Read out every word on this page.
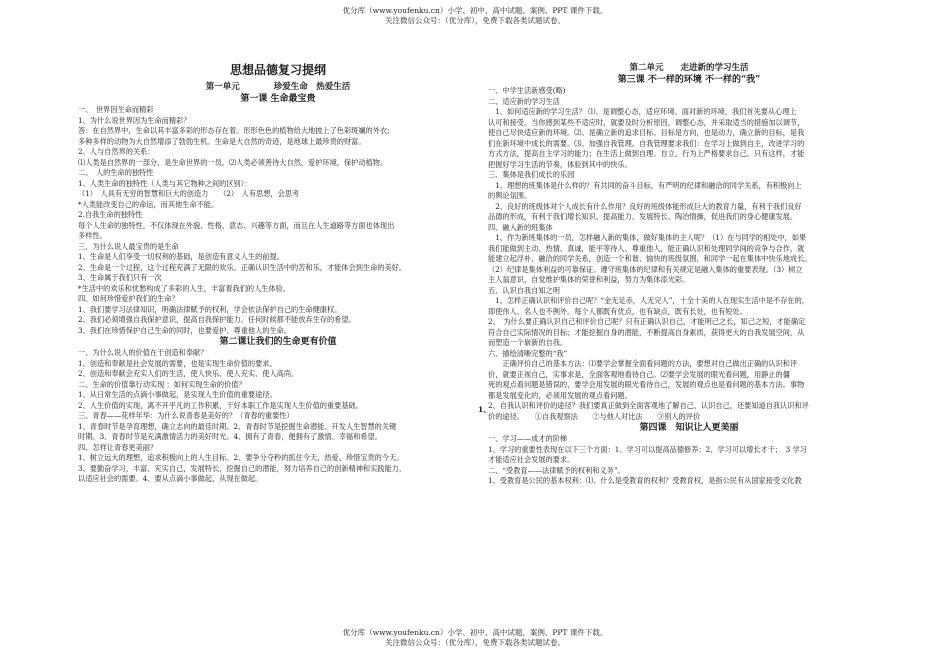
优分库（www.youfenku.cn）小学、初中、高中试题、案例、PPT 课件下载。
关注微信公众号：（优分库），免费下载各类试题试卷。
思想品德复习提纲
第一单元　　　　珍爱生命　热爱生活
第一课 生命最宝贵
一、　世界因生命而精彩
1、为什么说世界因为生命而精彩？
答：在自然界中，生命以其丰富多彩的形态存在着。形形色色的植物给大地披上了色彩斑斓的外衣;
多种多样的动物为大自然增添了勃勃生机。生命是大自然的奇迹，是地球上最珍贵的财富。
2、人与自然界的关系：
⑴人类是自然界的一部分，是生命世界的一员。⑵人类必须善待大自然，爱护环境，保护动植物。
二、　人的生命的独特性
1、人类生命的独特性（人类与其它物种之间的区别）：
（1）　人具有无穷的智慧和巨大的创造力　　（2）　人有思想，会思考
*人类能改变自己的命运，而其他生命不能。
2.自我生命的独特性
每个人生命的独特性，不仅体现在外貌、性格、意志、兴趣等方面，而且在人生道路等方面也体现出
多样性。
三、为什么说人最宝贵的是生命
1、生命是人们享受一切权利的基础，是创造有意义人生的前提。
2、生命是一个过程，这个过程充满了无限的欢乐。正确认识生活中的苦和乐，才能体会到生命的美好。
3、生命属于我们只有一次
*生活中的欢乐和忧愁构成了多彩的人生，丰富着我们的人生体验。
四、如何珍惜爱护我们的生命？
1、我们要学习法律知识，明确法律赋予的权利，学会依法保护自己的生命健康权。
2、我们必须增强自我保护意识，提高自我保护能力。任何时候都不能放弃生存的希望。
3、我们在珍惜保护自己生命的同时，也要爱护、尊重他人的生命。
第二课让我们的生命更有价值
一、为什么说人的价值在于创造和奉献？
1、创造和奉献是社会发展的需要，也是实现生命价值的要求。
2、创造和奉献会充实人们的生活，使人快乐、使人充实、使人高尚。
二、生命的价值靠行动实现 ：如何实现生命的价值？
1、从日常生活的点滴小事做起，是实现人生价值的重要途径。
2、人生价值的实现，离不开平凡的工作积累，干好本职工作是实现人生价值的重要基础。
三、青春——花样年华：为什么说青春是美好的？（青春的重要性）
1、青春时节是孕育理想，确立志向的最佳时期。2、青春时节是挖掘生命潜能、开发人生智慧的关键
时期。3、青春时节是充满激情活力的美好时光。4、拥有了青春，便拥有了激情、幸福和希望。
四、怎样让青春更美丽？
1、树立远大的理想，追求积极向上的人生目标。2、要争分夺秒的抓住今天，热爱、珍惜宝贵的今天。
3、要勤奋学习，丰富、充实自己，发展特长，挖掘自己的潜能，努力培养自己的创新精神和实践能力，
以适应社会的需要。4、要从点滴小事做起，从现在做起。
第二单元　　走进新的学习生活
第三课 不一样的环境 不一样的“我”
一、中学生活新感受(略)
二、适应新的学习生活
　1、如何适应新的学习生活？ ⑴、是调整心态，适应环境。面对新的环境，我们首先要从心理上
认可和接受。当你感到某些不适应时，就要及时分析原因，调整心态，并采取适当的措施加以调节，
使自己尽快适应新的环境。⑵、是确立新的追求目标。目标是方向，也是动力，确立新的目标，是我
们在新环境中成长的需要。⑶、加强自我管理。自我管理要求我们：在学习上做到自主，改进学习的
方式方法，提高自主学习的能力；在生活上做到自理、自立，行为上严格要求自己。只有这样，才能
把握好学习生活的节奏，体验到其中的快乐。
三、集体是我们成长的乐园
　1、理想的班集体是什么样的？有共同的奋斗目标，有严明的纪律和融洽的同学关系，有积极向上
的舆论氛围。
　2、良好的班级体对个人成长有什么作用？良好的班级体能形成巨大的教育力量，有利于我们良好
品德的形成，有利于我们增长知识、提高能力、发展特长、陶冶情操，促进我们的身心健康发展。
四、融入新的班集体
　1、作为新班集体的一员，怎样融入新的集体，做好集体的主人呢？（1）在与同学的相处中，如果
我们能做到主动、热情、真诚，能平等待人、尊重他人，能正确认识和处理同学间的竞争与合作，就
能建立起浮朴、融洽的同学关系，创造一个和谐、愉快的班级氛围，和同学一起在集体中快乐地成长。
（2）纪律是集体利益的可靠保证。遵守班集体的纪律和有关规定是融入集体的重要表现。（3）树立
主人翁意识，自觉维护集体的荣誉和利益，努力为集体添光彩。
五、认识自我自知之明
　1、怎样正确认识和评价自己呢？“金无足赤，人无完人”，十全十美的人在现实生活中是不存在的，
即使伟人、名人也不例外。每个人都既有优点，也有缺点，既有长处，也有短处。
2、　为什么要正确认识自己和评价自己呢？只有正确认识自己，才能明己之长，知己之短，才能确定
符合自己实际情况的目标；才能挖掘自身的潜能，不断提高自身素质，获得更大的自我发展空间，从
而塑造一个崭新的自我。
六、描绘清晰完整的“我”
　　正确评价自己的基本方法：⑴要学会掌握全面看问题的方法，要想对自己做出正确的认识和评
价，就要正视自己，实事求是，全面客观地看待自己。⑵要学会发展的眼光看问题，用静止的僵
死的观点看问题是错误的，要学会用发展的眼光看待自己，发展的观点也是看问题的基本方法。事物
都是发展变化的，必须用发展的观点看问题。
2、自我认识和评价的途径？我们要真正做到全面客观地了解自己、认识自己，还要知道自我认识和评
价的途径。　　①自我观察法　　②与他人对比法　　③别人的评价
第四课　知识让人更美丽
一、学习——成才的阶梯
1、学习的重要性表现在以下三个方面：1、学习可以提高品德修养；2、学习可以增长才干；　3 学习
才能适应社会发展的要求。
二、“受教育——法律赋予的权利和义务”。
1、受教育是公民的基本权利：⑴、什么是受教育的权利？受教育权，是指公民有从国家接受文化教
1、
优分库（www.youfenku.cn）小学、初中、高中试题、案例、PPT 课件下载。
关注微信公众号：（优分库），免费下载各类试题试卷。
